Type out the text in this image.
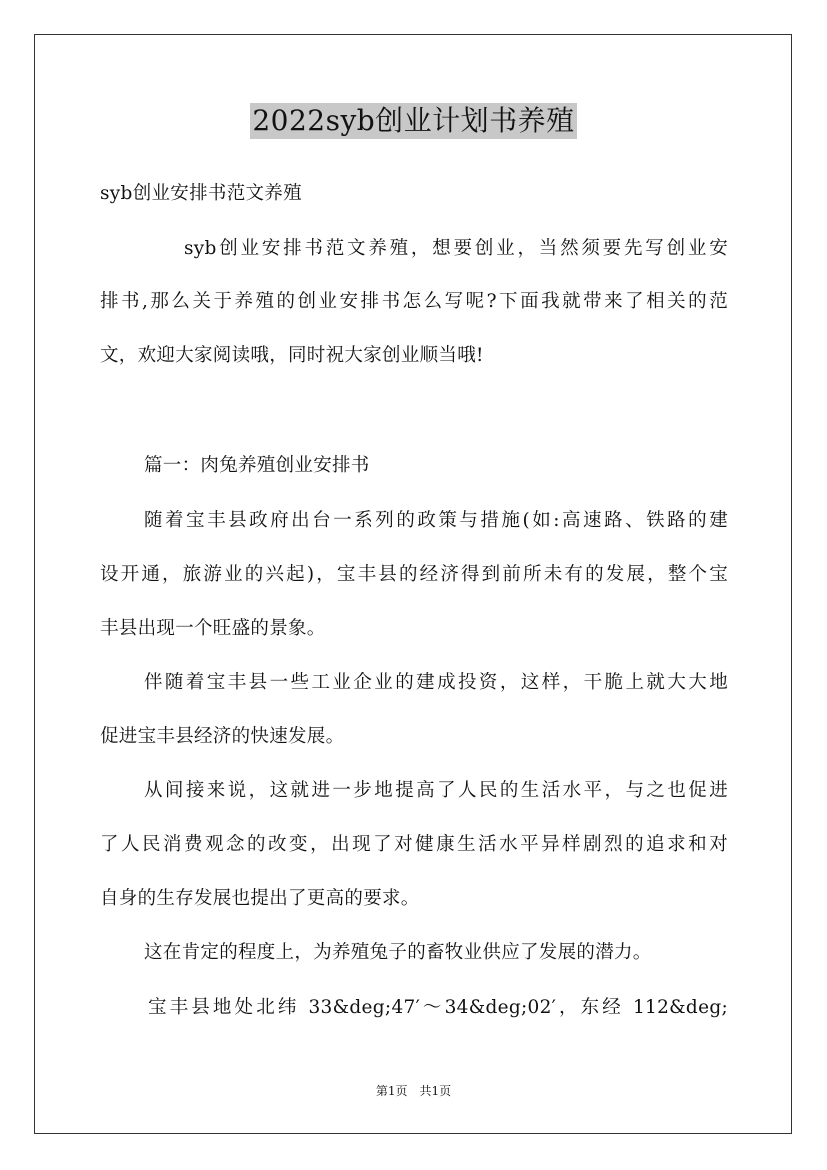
2022syb创业计划书养殖
syb创业安排书范文养殖
syb创业安排书范文养殖，想要创业，当然须要先写创业安
排书,那么关于养殖的创业安排书怎么写呢?下面我就带来了相关的范
文，欢迎大家阅读哦，同时祝大家创业顺当哦!
篇一：肉兔养殖创业安排书
随着宝丰县政府出台一系列的政策与措施(如:高速路、铁路的建
设开通，旅游业的兴起)，宝丰县的经济得到前所未有的发展，整个宝
丰县出现一个旺盛的景象。
伴随着宝丰县一些工业企业的建成投资，这样，干脆上就大大地
促进宝丰县经济的快速发展。
从间接来说，这就进一步地提高了人民的生活水平，与之也促进
了人民消费观念的改变，出现了对健康生活水平异样剧烈的追求和对
自身的生存发展也提出了更高的要求。
这在肯定的程度上，为养殖兔子的畜牧业供应了发展的潜力。
宝丰县地处北纬 33&deg;47′～34&deg;02′，东经 112&deg;
第1页　共1页
